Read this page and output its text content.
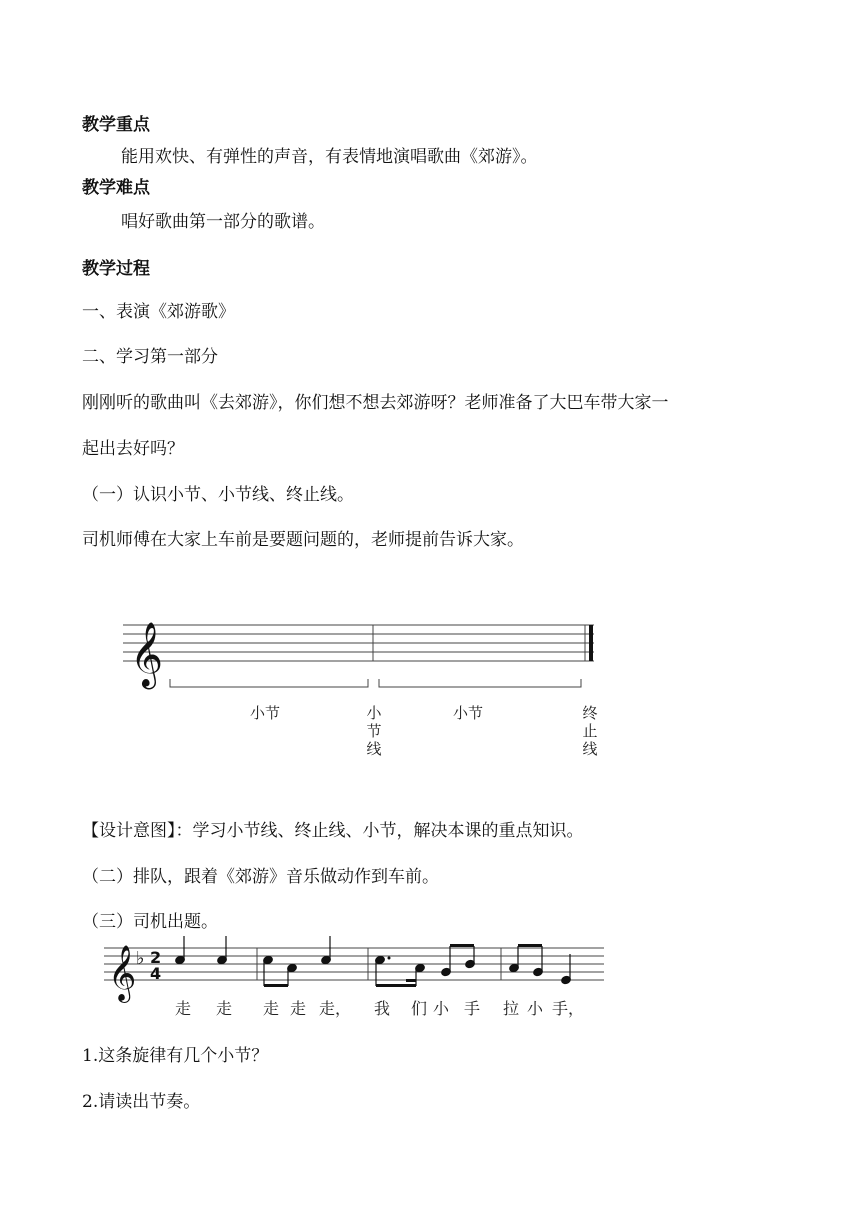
教学重点
能用欢快、有弹性的声音，有表情地演唱歌曲《郊游》。
教学难点
唱好歌曲第一部分的歌谱。
教学过程
一、表演《郊游歌》
二、学习第一部分
刚刚听的歌曲叫《去郊游》，你们想不想去郊游呀？老师准备了大巴车带大家一
起出去好吗？
（一）认识小节、小节线、终止线。
司机师傅在大家上车前是要题问题的，老师提前告诉大家。
𝄞
小节	小节线
小节	终止线
【设计意图】：学习小节线、终止线、小节，解决本课的重点知识。
（二）排队，跟着《郊游》音乐做动作到车前。
（三）司机出题。
𝄞 ♭ 2
4
走 走 走 走 走， 我 们 小 手 拉 小 手，
1.这条旋律有几个小节？
2.请读出节奏。
